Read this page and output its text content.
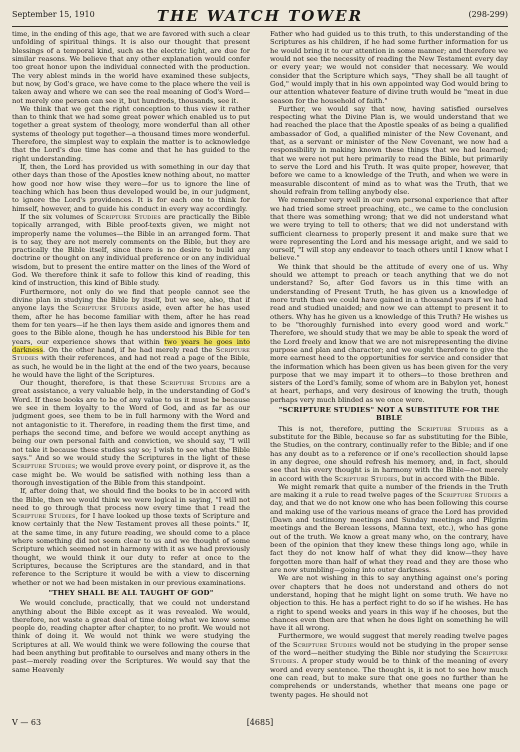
September 15, 1910	THE WATCH TOWER	(298-299)

time, in the ending of this age, that we are favored with such a clear unfolding of spiritual things. It is also our thought that present blessings of a temporal kind, such as the electric light, are due for similar reasons. We believe that any other explanation would confer too great honor upon the individual connected with the production. The very ablest minds in the world have examined these subjects, but now, by God's grace, we have come to the place where the veil is taken away and where we can see the real meaning of God's Word—not merely one person can see it, but hundreds, thousands, see it.

We think that we get the right conception to thus view it rather than to think that we had some great power which enabled us to put together a great system of theology, more wonderful than all other systems of theology put together—a thousand times more wonderful. Therefore, the simplest way to explain the matter is to acknowledge that the Lord's due time has come and that he has guided to the right understanding.

If, then, the Lord has provided us with something in our day that other days than those of the Apostles knew nothing about, no matter how good nor how wise they were—for us to ignore the line of teaching which has been thus developed would be, in our judgment, to ignore the Lord's providences. It is for each one to think for himself, however, and to guide his conduct in every way accordingly.

If the six volumes of Scripture Studies are practically the Bible topically arranged, with Bible proof-texts given, we might not improperly name the volumes—the Bible in an arranged form. That is to say, they are not merely comments on the Bible, but they are practically the Bible itself, since there is no desire to build any doctrine or thought on any individual preference or on any individual wisdom, but to present the entire matter on the lines of the Word of God. We therefore think it safe to follow this kind of reading, this kind of instruction, this kind of Bible study.

Furthermore, not only do we find that people cannot see the divine plan in studying the Bible by itself, but we see, also, that if anyone lays the Scripture Studies aside, even after he has used them, after he has become familiar with them, after he has read them for ten years—if he then lays them aside and ignores them and goes to the Bible alone, though he has understood his Bible for ten years, our experience shows that within two years he goes into darkness. On the other hand, if he had merely read the Scripture Studies with their references, and had not read a page of the Bible, as such, he would be in the light at the end of the two years, because he would have the light of the Scriptures.

Our thought, therefore, is that these Scripture Studies are a great assistance, a very valuable help, in the understanding of God's Word. If these books are to be of any value to us it must be because we see in them loyalty to the Word of God, and as far as our judgment goes, see them to be in full harmony with the Word and not antagonistic to it. Therefore, in reading them the first time, and perhaps the second time, and before we would accept anything as being our own personal faith and conviction, we should say, "I will not take it because these studies say so; I wish to see what the Bible says." And so we would study the Scriptures in the light of these Scripture Studies; we would prove every point, or disprove it, as the case might be. We would be satisfied with nothing less than a thorough investigation of the Bible from this standpoint.

If, after doing that, we should find the books to be in accord with the Bible, then we would think we were logical in saying, "I will not need to go through that process now every time that I read the Scripture Studies, for I have looked up those texts of Scripture and know certainly that the New Testament proves all these points." If, at the same time, in any future reading, we should come to a place where something did not seem clear to us and we thought of some Scripture which seemed not in harmony with it as we had previously thought, we would think it our duty to refer at once to the Scriptures, because the Scriptures are the standard, and in that reference to the Scripture it would be with a view to discerning whether or not we had been mistaken in our previous examinations.

"THEY SHALL BE ALL TAUGHT OF GOD"

We would conclude, practically, that we could not understand anything about the Bible except as it was revealed. We would, therefore, not waste a great deal of time doing what we know some people do, reading chapter after chapter, to no profit. We would not think of doing it. We would not think we were studying the Scriptures at all. We would think we were following the course that had been anything but profitable to ourselves and many others in the past—merely reading over the Scriptures. We would say that the same Heavenly

Father who had guided us to this truth, to this understanding of the Scriptures as his children, if he had some further information for us he would bring it to our attention in some manner; and therefore we would not see the necessity of reading the New Testament every day or every year; we would not consider that necessary. We would consider that the Scripture which says, "They shall be all taught of God," would imply that in his own appointed way God would bring to our attention whatever feature of divine truth would be "meat in due season for the household of faith."

Further, we would say that now, having satisfied ourselves respecting what the Divine Plan is, we would understand that we had reached the place that the Apostle speaks of as being a qualified ambassador of God, a qualified minister of the New Covenant, and that, as a servant or minister of the New Covenant, we now had a responsibility in making known these things that we had learned; that we were not put here primarily to read the Bible, but primarily to serve the Lord and his Truth. It was quite proper, however, that before we came to a knowledge of the Truth, and when we were in measurable discontent of mind as to what was the Truth, that we should refrain from telling anybody else.

We remember very well in our own personal experience that after we had tried some street preaching, etc., we came to the conclusion that there was something wrong; that we did not understand what we were trying to tell to others; that we did not understand with sufficient clearness to properly present it and make sure that we were representing the Lord and his message aright, and we said to ourself, "I will stop any endeavor to teach others until I know what I believe."

We think that should be the attitude of every one of us. Why should we attempt to preach or teach anything that we do not understand? So, after God favors us in this time with an understanding of Present Truth, he has given us a knowledge of more truth than we could have gained in a thousand years if we had read and studied unaided; and now we can attempt to present it to others. Why has he given us a knowledge of this Truth? He wishes us to be "thoroughly furnished into every good word and work." Therefore, we should study that we may be able to speak the word of the Lord freely and know that we are not misrepresenting the divine purpose and plan and character; and we ought therefore to give the more earnest heed to the opportunities for service and consider that the information which has been given us has been given for the very purpose that we may impart it to others—to those brethren and sisters of the Lord's family, some of whom are in Babylon yet, honest at heart, perhaps, and very desirous of knowing the truth, though perhaps very much blinded as we once were.

"SCRIPTURE STUDIES" NOT A SUBSTITUTE FOR THE BIBLE

This is not, therefore, putting the Scripture Studies as a substitute for the Bible, because so far as substituting for the Bible, the Studies, on the contrary, continually refer to the Bible; and if one has any doubt as to a reference or if one's recollection should lapse in any degree, one should refresh his memory, and, in fact, should see that his every thought is in harmony with the Bible—not merely in accord with the Scripture Studies, but in accord with the Bible.

We might remark that quite a number of the friends in the Truth are making it a rule to read twelve pages of the Scripture Studies a day, and that we do not know one who has been following this course and making use of the various means of grace the Lord has provided (Dawn and testimony meetings and Sunday meetings and Pilgrim meetings and the Berean lessons, Manna text, etc.), who has gone out of the truth. We know a great many who, on the contrary, have been of the opinion that they knew these things long ago, while in fact they do not know half of what they did know—they have forgotten more than half of what they read and they are those who are now stumbling—going into outer darkness.

We are not wishing in this to say anything against one's poring over chapters that he does not understand and others do not understand, hoping that he might light on some truth. We have no objection to this. He has a perfect right to do so if he wishes. He has a right to spend weeks and years in this way if he chooses, but the chances even then are that when he does light on something he will have it all wrong.

Furthermore, we would suggest that merely reading twelve pages of the Scripture Studies would not be studying in the proper sense of the word—neither studying the Bible nor studying the Scripture Studies. A proper study would be to think of the meaning of every word and every sentence. The thought is, it is not to see how much one can read, but to make sure that one goes no further than he comprehends or understands, whether that means one page or twenty pages. He should not

V — 63	[4685]
